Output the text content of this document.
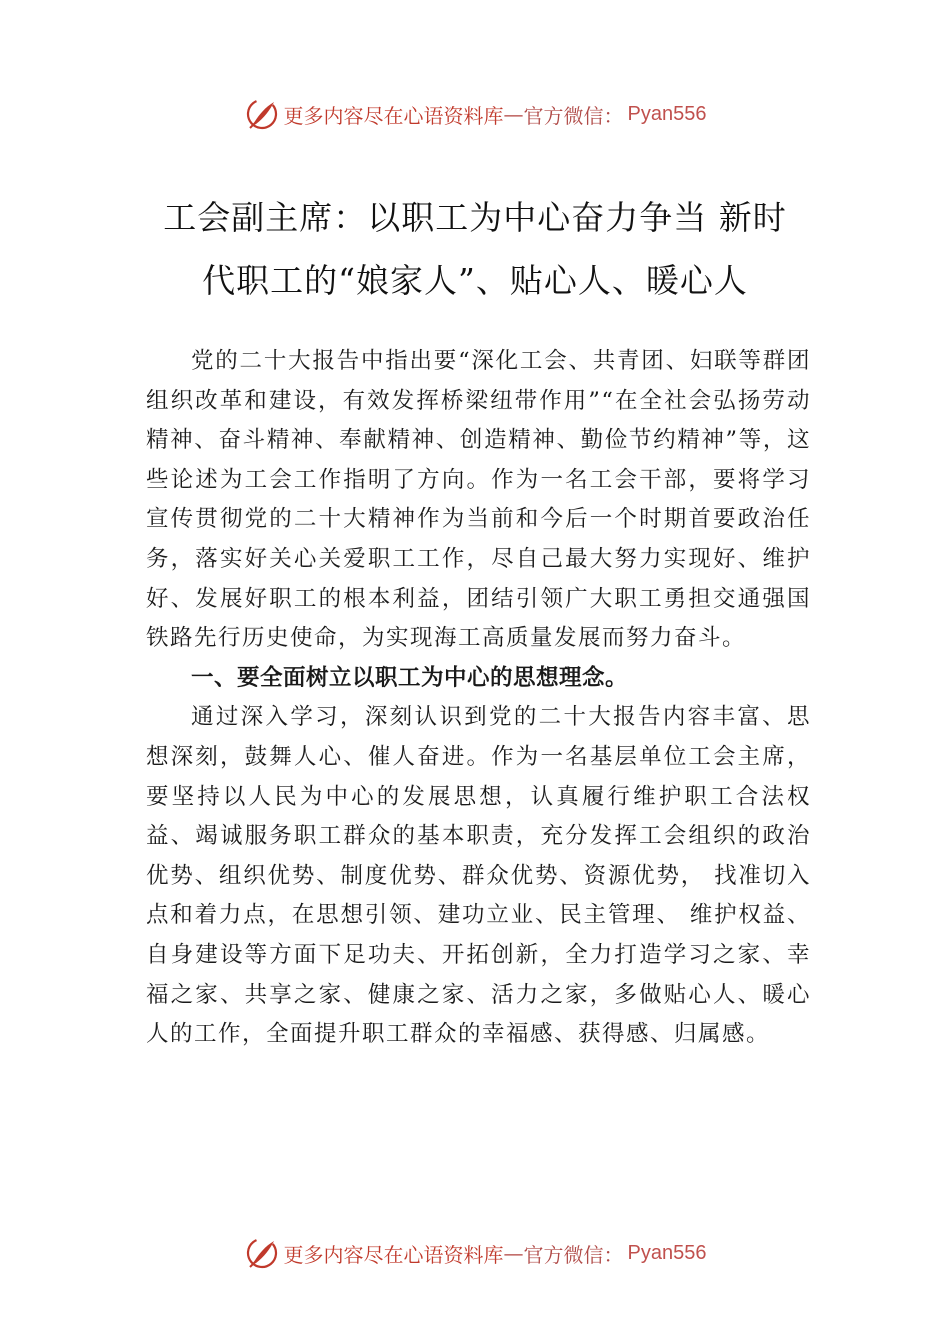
更多内容尽在心语资料库 — 官方微信： Pyan556
工会副主席：以职工为中心奋力争当 新时
代职工的“娘家人”、贴心人、暖心人

党的二十大报告中指出要“深化工会、共青团、妇联等群团组织改革和建设，有效发挥桥梁纽带作用”“在全社会弘扬劳动精神、奋斗精神、奉献精神、创造精神、勤俭节约精神”等，这些论述为工会工作指明了方向。作为一名工会干部，要将学习宣传贯彻党的二十大精神作为当前和今后一个时期首要政治任务，落实好关心关爱职工工作，尽自己最大努力实现好、维护好、发展好职工的根本利益，团结引领广大职工勇担交通强国铁路先行历史使命，为实现海工高质量发展而努力奋斗。

一、要全面树立以职工为中心的思想理念。

通过深入学习，深刻认识到党的二十大报告内容丰富、思想深刻，鼓舞人心、催人奋进。作为一名基层单位工会主席，要坚持以人民为中心的发展思想，认真履行维护职工合法权益、竭诚服务职工群众的基本职责，充分发挥工会组织的政治优势、组织优势、制度优势、群众优势、资源优势， 找准切入点和着力点，在思想引领、建功立业、民主管理、 维护权益、自身建设等方面下足功夫、开拓创新，全力打造学习之家、幸福之家、共享之家、健康之家、活力之家，多做贴心人、暖心人的工作，全面提升职工群众的幸福感、获得感、归属感。

更多内容尽在心语资料库 — 官方微信： Pyan556
